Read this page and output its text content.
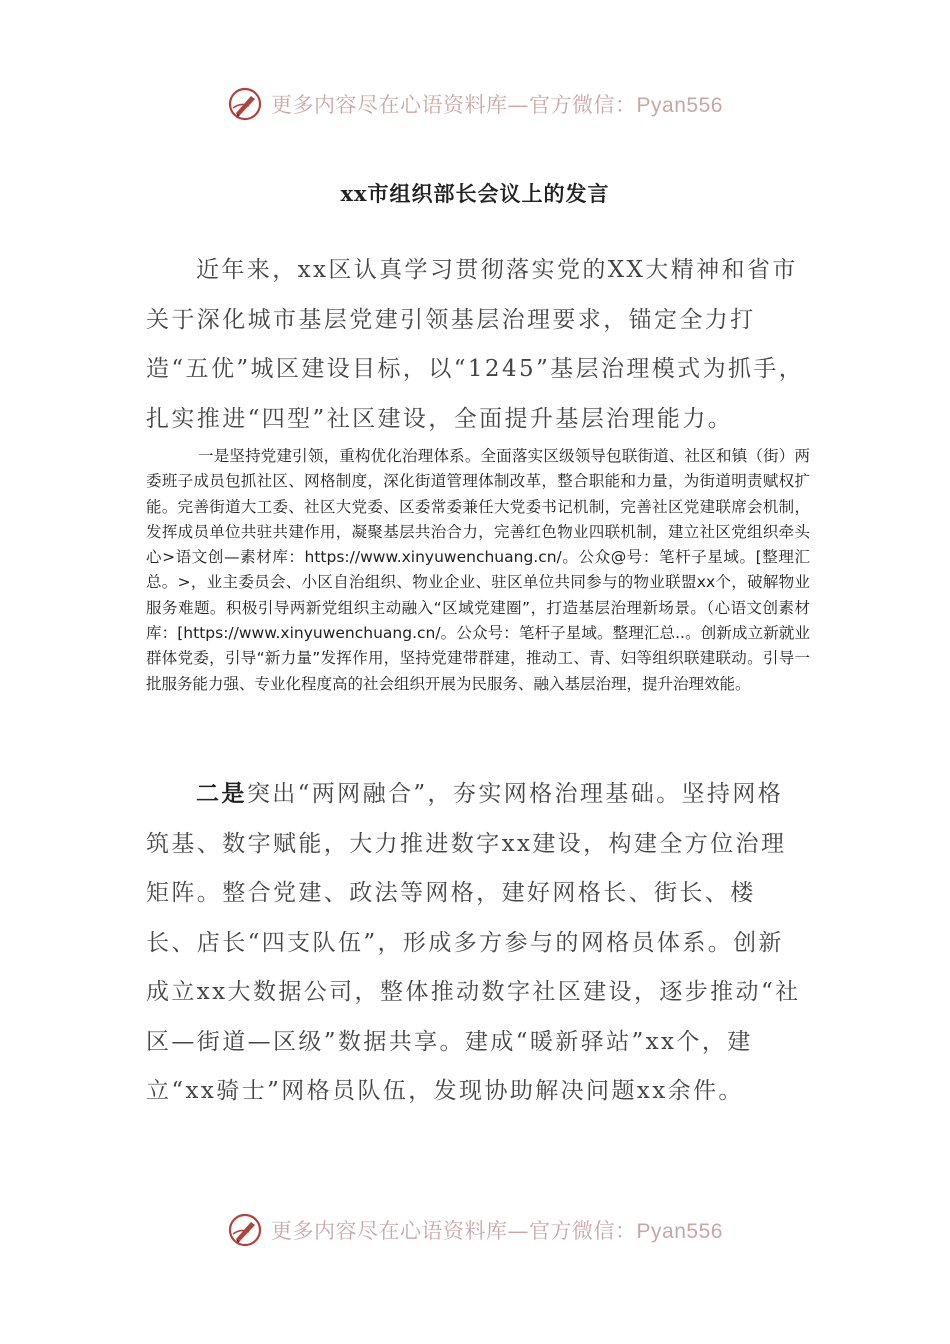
更多内容尽在心语资料库—官方微信：Pyan556
xx市组织部长会议上的发言

近年来，xx区认真学习贯彻落实党的XX大精神和省市关于深化城市基层党建引领基层治理要求，锚定全力打造“五优”城区建设目标，以“1245”基层治理模式为抓手，扎实推进“四型”社区建设，全面提升基层治理能力。

一是坚持党建引领，重构优化治理体系。全面落实区级领导包联街道、社区和镇（街）两委班子成员包抓社区、网格制度，深化街道管理体制改革，整合职能和力量，为街道明责赋权扩能。完善街道大工委、社区大党委、区委常委兼任大党委书记机制，完善社区党建联席会机制，发挥成员单位共驻共建作用，凝聚基层共治合力，完善红色物业四联机制，建立社区党组织牵头心>语文创—素材库：https://www.xinyuwenchuang.cn/。公众@号：笔杆子星域。[整理汇总。>，业主委员会、小区自治组织、物业企业、驻区单位共同参与的物业联盟xx个，破解物业服务难题。积极引导两新党组织主动融入“区域党建圈”，打造基层治理新场景。（心语文创素材库：[https://www.xinyuwenchuang.cn/。公众号：笔杆子星域。整理汇总..。创新成立新就业群体党委，引导“新力量”发挥作用，坚持党建带群建，推动工、青、妇等组织联建联动。引导一批服务能力强、专业化程度高的社会组织开展为民服务、融入基层治理，提升治理效能。

二是突出“两网融合”，夯实网格治理基础。坚持网格筑基、数字赋能，大力推进数字xx建设，构建全方位治理矩阵。整合党建、政法等网格，建好网格长、街长、楼长、店长“四支队伍”，形成多方参与的网格员体系。创新成立xx大数据公司，整体推动数字社区建设，逐步推动“社区—街道—区级”数据共享。建成“暖新驿站”xx个，建立“xx骑士”网格员队伍，发现协助解决问题xx余件。

更多内容尽在心语资料库—官方微信：Pyan556
